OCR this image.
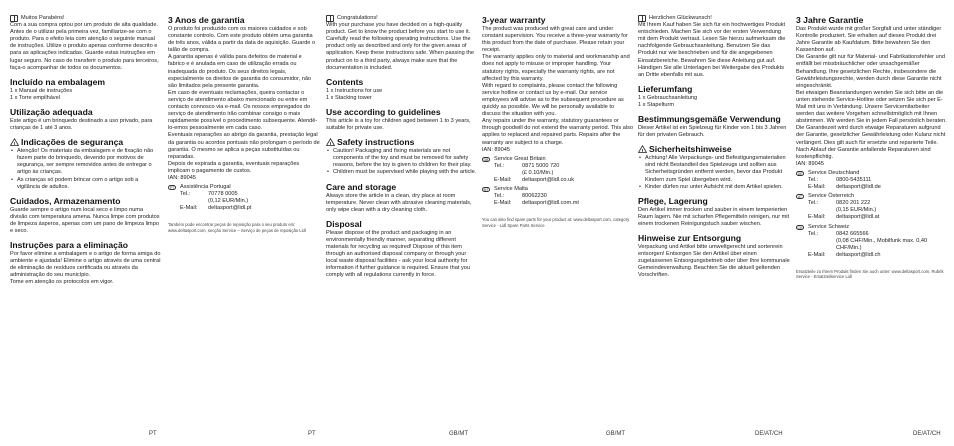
Muitos Parabéns!

Com a sua compra optou por um produto de alta qualidade. Antes de o utilizar pela primeira vez, familiarize-se com o produto. Para o efeito leia com atenção o seguinte manual de instruções. Utilize o produto apenas conforme descrito e para as aplicações indicadas. Guarde estas instruções em lugar seguro. No caso de transferir o produto para terceiros, faça-o acompanhar de todos os documentos.

Incluído na embalagem

1 x Manual de instruções

1 x Torre empilhável

Utilização adequada

Este artigo é um brinquedo destinado a uso privado, para crianças de 1 até 3 anos.

! Indicações de segurança
• Atenção! Os materiais da embalagem e de fixação não fazem parte do brinquedo, devendo por motivos de segurança, ser sempre removidos antes de entregar o artigo às crianças.
• As crianças só podem brincar com o artigo sob a vigilância de adultos.
Cuidados, Armazenamento

Guarde sempre o artigo num local seco e limpo numa divisão com temperatura amena. Nunca limpe com produtos de limpeza ásperos, apenas com um pano de limpeza limpo e seco.

Instruções para a eliminação

Por favor elimine a embalagem e o artigo de forma amiga do ambiente e ajustada! Elimine o artigo através de uma central de eliminação de resíduos certificada ou através da administração do seu município.

Tome em atenção os protocolos em vigor.

3 Anos de garantia

O produto foi produzido com os maiores cuidados e sob constante controlo. Com este produto obtém uma garantia de três anos, válida a partir da data de aquisição. Guarde o talão de compra.

A garantia apenas é válida para defeitos de material e fabrico e é anulada em caso de utilização errada ou inadequada do produto. Os seus direitos legais, especialmente os direitos de garantia do consumidor, não são limitados pela presente garantia.

Em caso de eventuais reclamações, queira contactar o serviço de atendimento abaixo mencionado ou entre em contacto connosco via e-mail. Os nossos empregados do serviço de atendimento irão combinar consigo o mais rapidamente possível o procedimento subsequente. Atendê-lo-emos pessoalmente em cada caso.

Eventuais reparações ao abrigo da garantia, prestação legal da garantia ou acordos pontuais não prolongam o período de garantia. O mesmo se aplica a peças substituídas ou reparadas.

Depois de expirada a garantia, eventuais reparações implicam o pagamento de custos.

IAN: 89045

PT	Assistência Portugal
Tel.:	70778 0005
(0,12 EUR/Min.)
E-Mail:	deltasport@lidl.pt

Também pode encontrar peças de reposição para o seu produto em: www.deltasport.com, secção Service – Serviço de peças de reposição Lidl

Congratulations!

With your purchase you have decided on a high-quality product. Get to know the product before you start to use it. Carefully read the following operating instructions. Use the product only as described and only for the given areas of application. Keep these instructions safe. When passing the product on to a third party, always make sure that the documentation is included.

Contents

1 x Instructions for use

1 x Stacking tower

Use according to guidelines

This article is a toy for children aged between 1 to 3 years, suitable for private use.

! Safety instructions
• Caution! Packaging and fixing materials are not components of the toy and must be removed for safety reasons, before the toy is given to children for their play.
• Children must be supervised while playing with the article.
Care and storage

Always store the article in a clean, dry place at room temperature. Never clean with abrasive cleaning materials, only wipe clean with a dry cleaning cloth.

Disposal

Please dispose of the product and packaging in an environmentally friendly manner, separating different materials for recycling as required! Dispose of this item through an authorised disposal company or through your local waste disposal facilities - ask your local authority for information if further guidance is required. Ensure that you comply with all regulations currently in force.

3-year warranty

The product was produced with great care and under constant supervision. You receive a three-year warranty for this product from the date of purchase. Please retain your receipt.

The warranty applies only to material and workmanship and does not apply to misuse or improper handling. Your statutory rights, especially the warranty rights, are not affected by this warranty.

With regard to complaints, please contact the following service hotline or contact us by e-mail. Our service employees will advise as to the subsequent procedure as quickly as possible. We will be personally available to discuss the situation with you.

Any repairs under the warranty, statutory guarantees or through goodwill do not extend the warranty period. This also applies to replaced and repaired parts. Repairs after the warranty are subject to a charge.

IAN: 89045

GB Service Great Britain
Tel.:	0871 5000 720
(£ 0.10/Min.)
E-Mail:	deltasport@lidl.co.uk
MT Service Malta
Tel.:	80062230
E-Mail:	deltasport@lidl.com.mt

You can also find spare parts for your product at: www.deltasport.com, category Service - Lidl Spare Parts Service

Herzlichen Glückwunsch!

Mit Ihrem Kauf haben Sie sich für ein hochwertiges Produkt entschieden. Machen Sie sich vor der ersten Verwendung mit dem Produkt vertraut. Lesen Sie hierzu aufmerksam die nachfolgende Gebrauchsanleitung. Benutzen Sie das Produkt nur wie beschrieben und für die angegebenen Einsatzbereiche. Bewahren Sie diese Anleitung gut auf. Händigen Sie alle Unterlagen bei Weitergabe des Produkts an Dritte ebenfalls mit aus.

Lieferumfang

1 x Gebrauchsanleitung

1 x Stapelturm

Bestimmungsgemäße Verwendung

Dieser Artikel ist ein Spielzeug für Kinder von 1 bis 3 Jahren für den privaten Gebrauch.

! Sicherheitshinweise
• Achtung! Alle Verpackungs- und Befestigungsmaterialien sind nicht Bestandteil des Spielzeugs und sollten aus Sicherheitsgründen entfernt werden, bevor das Produkt Kindern zum Spiel übergeben wird.
• Kinder dürfen nur unter Aufsicht mit dem Artikel spielen.
Pflege, Lagerung

Den Artikel immer trocken und sauber in einem temperierten Raum lagern. Nie mit scharfen Pflegemitteln reinigen, nur mit einem trockenen Reinigungstuch sauber wischen.

Hinweise zur Entsorgung

Verpackung und Artikel bitte umweltgerecht und sortenrein entsorgen! Entsorgen Sie den Artikel über einen zugelassenen Entsorgungsbetrieb oder über Ihre kommunale Gemeindeverwaltung. Beachten Sie die aktuell geltenden Vorschriften.

3 Jahre Garantie

Das Produkt wurde mit großer Sorgfalt und unter ständiger Kontrolle produziert. Sie erhalten auf dieses Produkt drei Jahre Garantie ab Kaufdatum. Bitte bewahren Sie den Kassenbon auf.

Die Garantie gilt nur für Material- und Fabrikationsfehler und entfällt bei missbräuchlicher oder unsachgemäßer Behandlung. Ihre gesetzlichen Rechte, insbesondere die Gewährleistungsrechte, werden durch diese Garantie nicht eingeschränkt.

Bei etwaigen Beanstandungen wenden Sie sich bitte an die unten stehende Service-Hotline oder setzen Sie sich per E-Mail mit uns in Verbindung. Unsere Servicemitarbeiter werden das weitere Vorgehen schnellstmöglich mit Ihnen abstimmen. Wir werden Sie in jedem Fall persönlich beraten. Die Garantiezeit wird durch etwaige Reparaturen aufgrund der Garantie, gesetzlicher Gewährleistung oder Kulanz nicht verlängert. Dies gilt auch für ersetzte und reparierte Teile. Nach Ablauf der Garantie anfallende Reparaturen sind kostenpflichtig.

IAN: 89045

DE	Service Deutschland
Tel.:	0800-5435111
E-Mail:	deltasport@lidl.de
AT	Service Österreich
Tel.:	0820 201 222
(0,15 EUR/Min.)
E-Mail:	deltasport@lidl.at
CH Service Schweiz
Tel.:	0842 665566
(0,08 CHF/Min., Mobilfunk max. 0,40 CHF/Min.)
E-Mail:	deltasport@lidl.ch

Ersatzteile zu Ihrem Produkt finden Sie auch unter: www.deltasport.com, Rubrik Service - Ersatzteilservice Lidl

PT	PT	GB/MT	GB/MT	DE/AT/CH	DE/AT/CH
